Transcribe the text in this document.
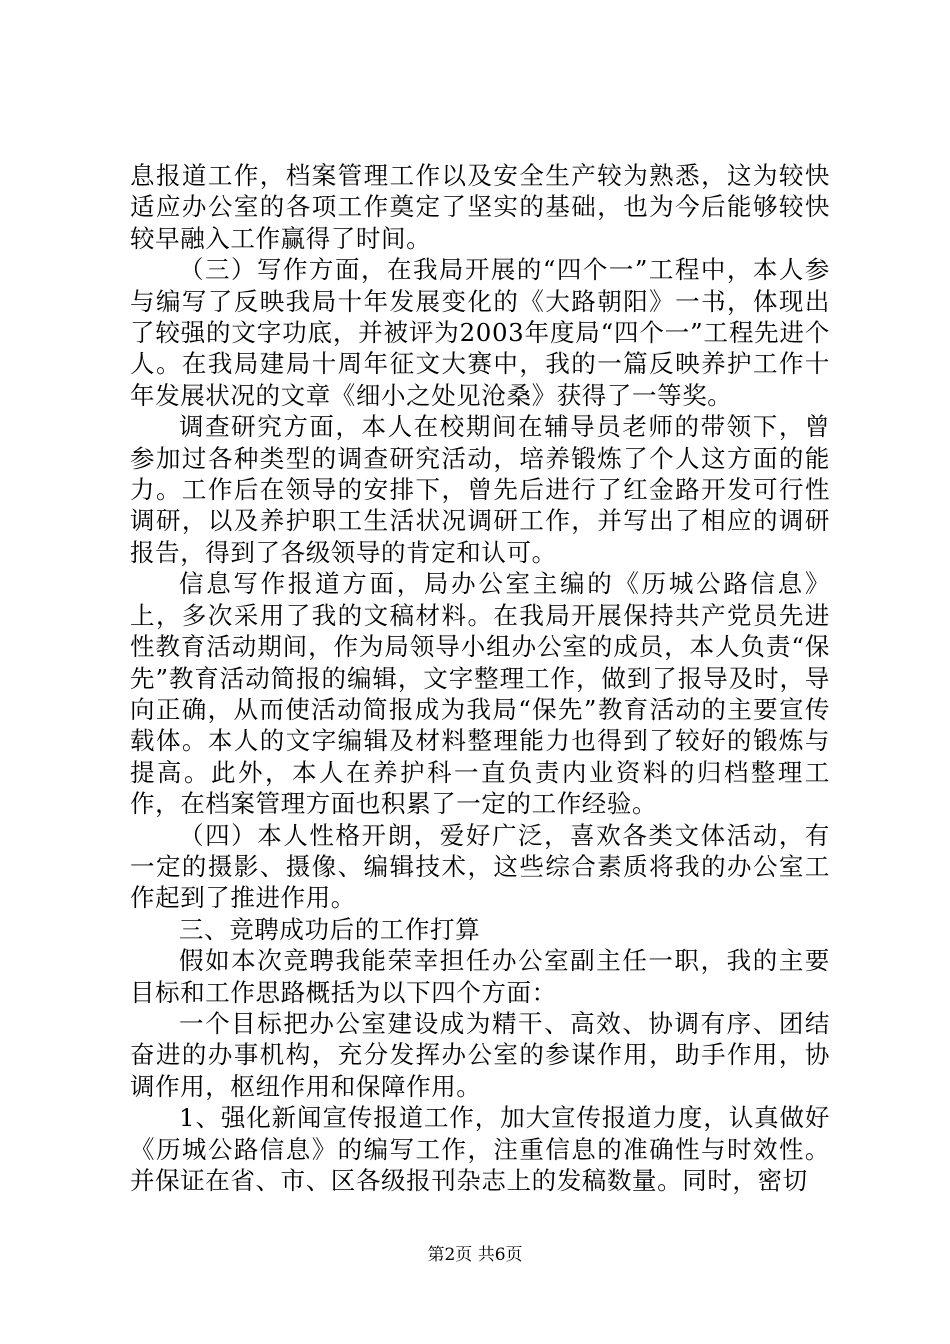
息报道工作，档案管理工作以及安全生产较为熟悉，这为较快适应办公室的各项工作奠定了坚实的基础，也为今后能够较快较早融入工作赢得了时间。

（三）写作方面，在我局开展的“四个一”工程中，本人参与编写了反映我局十年发展变化的《大路朝阳》一书，体现出了较强的文字功底，并被评为2003年度局“四个一”工程先进个人。在我局建局十周年征文大赛中，我的一篇反映养护工作十年发展状况的文章《细小之处见沧桑》获得了一等奖。

调查研究方面，本人在校期间在辅导员老师的带领下，曾参加过各种类型的调查研究活动，培养锻炼了个人这方面的能力。工作后在领导的安排下，曾先后进行了红金路开发可行性调研，以及养护职工生活状况调研工作，并写出了相应的调研报告，得到了各级领导的肯定和认可。

信息写作报道方面，局办公室主编的《历城公路信息》上，多次采用了我的文稿材料。在我局开展保持共产党员先进性教育活动期间，作为局领导小组办公室的成员，本人负责“保先”教育活动简报的编辑，文字整理工作，做到了报导及时，导向正确，从而使活动简报成为我局“保先”教育活动的主要宣传载体。本人的文字编辑及材料整理能力也得到了较好的锻炼与提高。此外，本人在养护科一直负责内业资料的归档整理工作，在档案管理方面也积累了一定的工作经验。

（四）本人性格开朗，爱好广泛，喜欢各类文体活动，有一定的摄影、摄像、编辑技术，这些综合素质将我的办公室工作起到了推进作用。

三、竞聘成功后的工作打算

假如本次竞聘我能荣幸担任办公室副主任一职，我的主要目标和工作思路概括为以下四个方面：

一个目标把办公室建设成为精干、高效、协调有序、团结奋进的办事机构，充分发挥办公室的参谋作用，助手作用，协调作用，枢纽作用和保障作用。

1、强化新闻宣传报道工作，加大宣传报道力度，认真做好《历城公路信息》的编写工作，注重信息的准确性与时效性。并保证在省、市、区各级报刊杂志上的发稿数量。同时，密切

第2页 共6页
